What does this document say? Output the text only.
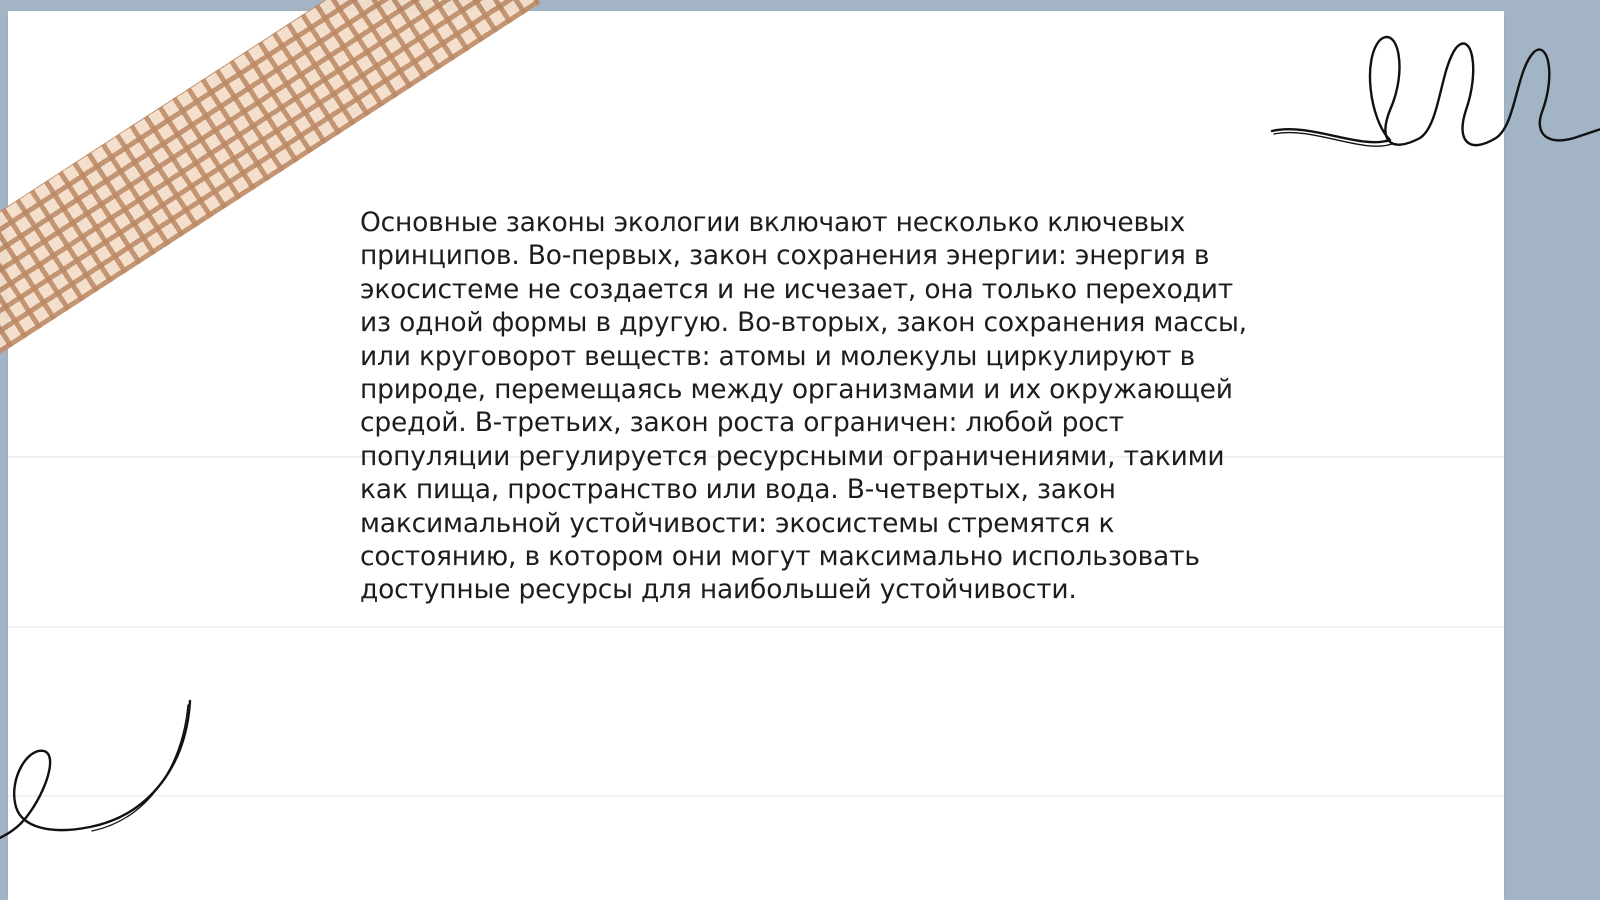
Основные законы экологии включают несколько ключевых
принципов. Во-первых, закон сохранения энергии: энергия в
экосистеме не создается и не исчезает, она только переходит
из одной формы в другую. Во-вторых, закон сохранения массы,
или круговорот веществ: атомы и молекулы циркулируют в
природе, перемещаясь между организмами и их окружающей
средой. В-третьих, закон роста ограничен: любой рост
популяции регулируется ресурсными ограничениями, такими
как пища, пространство или вода. В-четвертых, закон
максимальной устойчивости: экосистемы стремятся к
состоянию, в котором они могут максимально использовать
доступные ресурсы для наибольшей устойчивости.
